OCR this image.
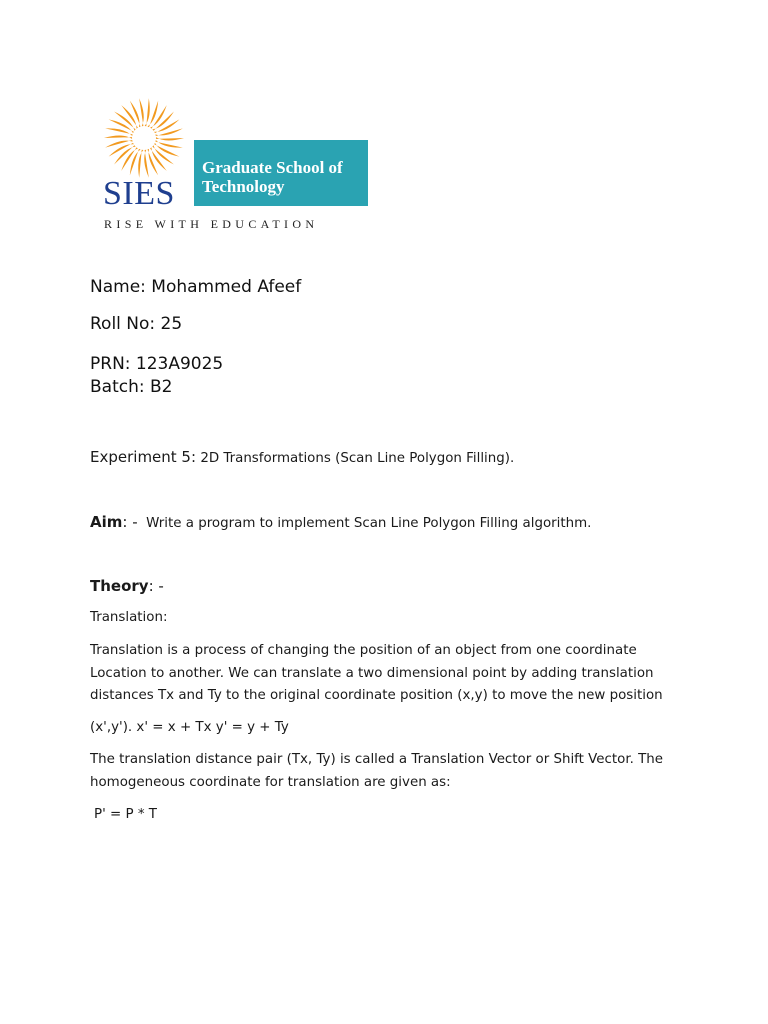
Graduate School of Technology
SIES
RISE WITH EDUCATION
Name: Mohammed Afeef
Roll No: 25
PRN: 123A9025
Batch: B2
Experiment 5: 2D Transformations (Scan Line Polygon Filling).
Aim: - Write a program to implement Scan Line Polygon Filling algorithm.
Theory: -
Translation:
Translation is a process of changing the position of an object from one coordinate
Location to another. We can translate a two dimensional point by adding translation
distances Tx and Ty to the original coordinate position (x,y) to move the new position
(x',y'). x' = x + Tx y' = y + Ty
The translation distance pair (Tx, Ty) is called a Translation Vector or Shift Vector. The
homogeneous coordinate for translation are given as:
P' = P * T
